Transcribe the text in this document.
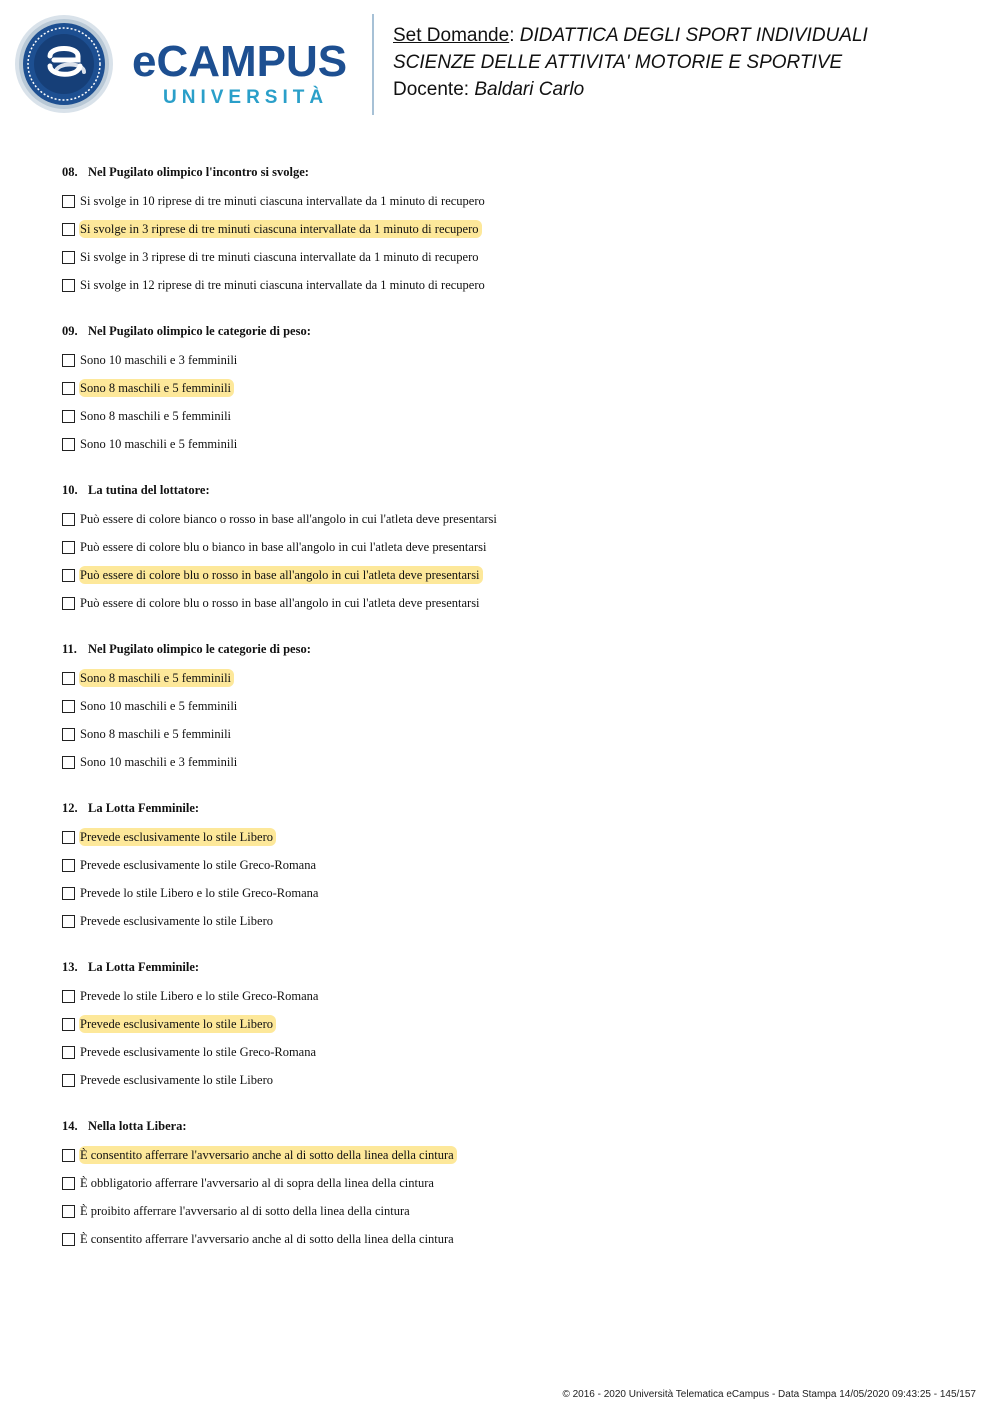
eCAMPUS
UNIVERSITÀ
Set Domande: DIDATTICA DEGLI SPORT INDIVIDUALI
SCIENZE DELLE ATTIVITA' MOTORIE E SPORTIVE
Docente: Baldari Carlo
08. Nel Pugilato olimpico l'incontro si svolge:
Si svolge in 10 riprese di tre minuti ciascuna intervallate da 1 minuto di recupero
Si svolge in 3 riprese di tre minuti ciascuna intervallate da 1 minuto di recupero
Si svolge in 3 riprese di tre minuti ciascuna intervallate da 1 minuto di recupero
Si svolge in 12 riprese di tre minuti ciascuna intervallate da 1 minuto di recupero
09. Nel Pugilato olimpico le categorie di peso:
Sono 10 maschili e 3 femminili
Sono 8 maschili e 5 femminili
Sono 8 maschili e 5 femminili
Sono 10 maschili e 5 femminili
10. La tutina del lottatore:
Può essere di colore bianco o rosso in base all'angolo in cui l'atleta deve presentarsi
Può essere di colore blu o bianco in base all'angolo in cui l'atleta deve presentarsi
Può essere di colore blu o rosso in base all'angolo in cui l'atleta deve presentarsi
Può essere di colore blu o rosso in base all'angolo in cui l'atleta deve presentarsi
11. Nel Pugilato olimpico le categorie di peso:
Sono 8 maschili e 5 femminili
Sono 10 maschili e 5 femminili
Sono 8 maschili e 5 femminili
Sono 10 maschili e 3 femminili
12. La Lotta Femminile:
Prevede esclusivamente lo stile Libero
Prevede esclusivamente lo stile Greco-Romana
Prevede lo stile Libero e lo stile Greco-Romana
Prevede esclusivamente lo stile Libero
13. La Lotta Femminile:
Prevede lo stile Libero e lo stile Greco-Romana
Prevede esclusivamente lo stile Libero
Prevede esclusivamente lo stile Greco-Romana
Prevede esclusivamente lo stile Libero
14. Nella lotta Libera:
È consentito afferrare l'avversario anche al di sotto della linea della cintura
È obbligatorio afferrare l'avversario al di sopra della linea della cintura
È proibito afferrare l'avversario al di sotto della linea della cintura
È consentito afferrare l'avversario anche al di sotto della linea della cintura
© 2016 - 2020 Università Telematica eCampus - Data Stampa 14/05/2020 09:43:25 - 145/157
